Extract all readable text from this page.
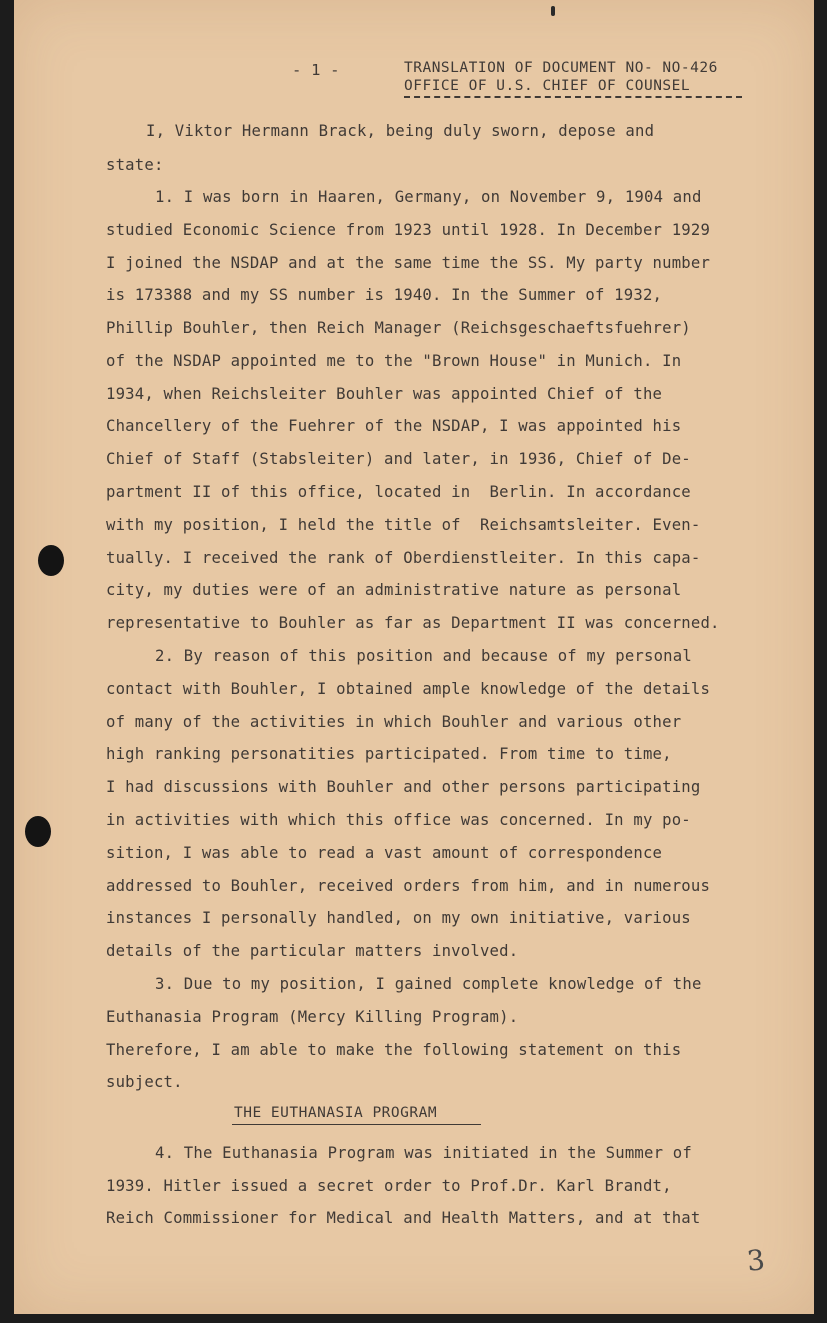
- 1 -	TRANSLATION OF DOCUMENT NO- NO-426
OFFICE OF U.S. CHIEF OF COUNSEL
I, Viktor Hermann Brack, being duly sworn, depose and
state:
1. I was born in Haaren, Germany, on November 9, 1904 and
studied Economic Science from 1923 until 1928. In December 1929
I joined the NSDAP and at the same time the SS. My party number
is 173388 and my SS number is 1940. In the Summer of 1932,
Phillip Bouhler, then Reich Manager (Reichsgeschaeftsfuehrer)
of the NSDAP appointed me to the "Brown House" in Munich. In
1934, when Reichsleiter Bouhler was appointed Chief of the
Chancellery of the Fuehrer of the NSDAP, I was appointed his
Chief of Staff (Stabsleiter) and later, in 1936, Chief of De-
partment II of this office, located in  Berlin. In accordance
with my position, I held the title of  Reichsamtsleiter. Even-
tually. I received the rank of Oberdienstleiter. In this capa-
city, my duties were of an administrative nature as personal
representative to Bouhler as far as Department II was concerned.
2. By reason of this position and because of my personal
contact with Bouhler, I obtained ample knowledge of the details
of many of the activities in which Bouhler and various other
high ranking personatities participated. From time to time,
I had discussions with Bouhler and other persons participating
in activities with which this office was concerned. In my po-
sition, I was able to read a vast amount of correspondence
addressed to Bouhler, received orders from him, and in numerous
instances I personally handled, on my own initiative, various
details of the particular matters involved.
3. Due to my position, I gained complete knowledge of the
Euthanasia Program (Mercy Killing Program).
Therefore, I am able to make the following statement on this
subject.
THE EUTHANASIA PROGRAM
4. The Euthanasia Program was initiated in the Summer of
1939. Hitler issued a secret order to Prof.Dr. Karl Brandt,
Reich Commissioner for Medical and Health Matters, and at that
3
